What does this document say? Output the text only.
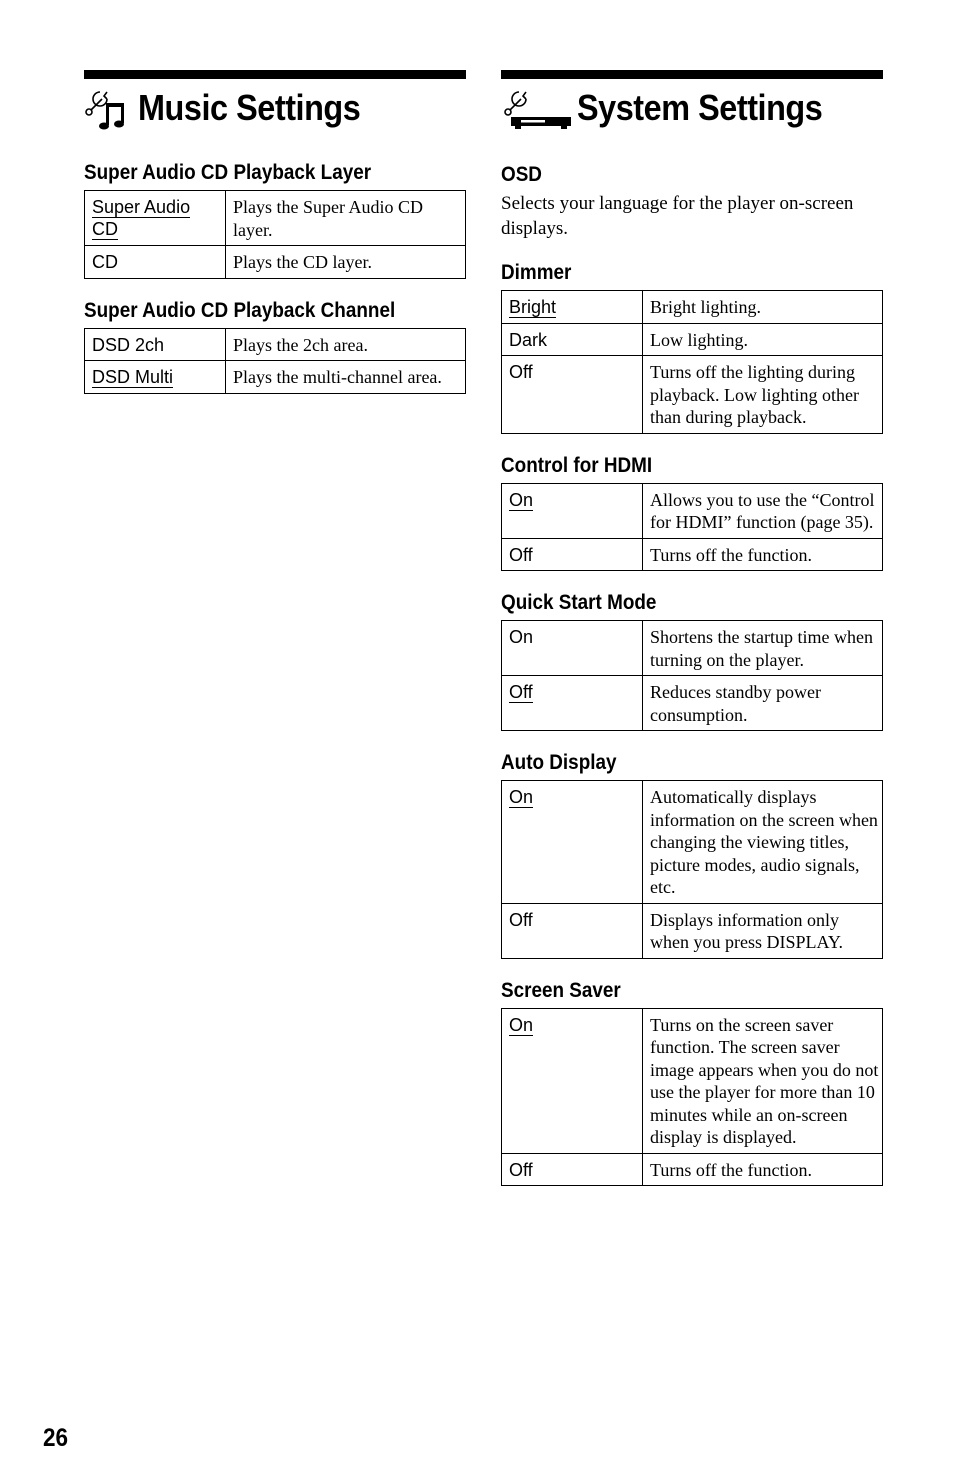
Music Settings
Super Audio CD Playback Layer
Super Audio CD	Plays the Super Audio CD layer.
CD	Plays the CD layer.
Super Audio CD Playback Channel
DSD 2ch	Plays the 2ch area.
DSD Multi	Plays the multi-channel area.
System Settings
OSD

Selects your language for the player on-screen displays.

Dimmer
Bright	Bright lighting.
Dark	Low lighting.
Off	Turns off the lighting during playback. Low lighting other than during playback.
Control for HDMI
On	Allows you to use the “Control for HDMI” function (page 35).
Off	Turns off the function.
Quick Start Mode
On	Shortens the startup time when turning on the player.
Off	Reduces standby power consumption.
Auto Display
On	Automatically displays information on the screen when changing the viewing titles, picture modes, audio signals, etc.
Off	Displays information only when you press DISPLAY.
Screen Saver
On	Turns on the screen saver function. The screen saver image appears when you do not use the player for more than 10 minutes while an on-screen display is displayed.
Off	Turns off the function.
26
